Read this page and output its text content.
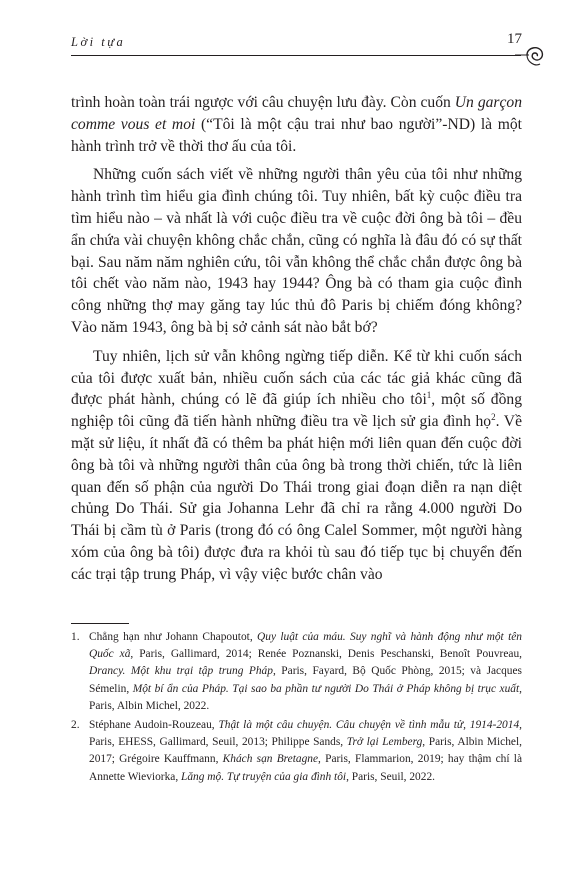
Lời tựa	17

trình hoàn toàn trái ngược với câu chuyện lưu đày. Còn cuốn Un garçon comme vous et moi (“Tôi là một cậu trai như bao người”-ND) là một hành trình trở về thời thơ ấu của tôi.

Những cuốn sách viết về những người thân yêu của tôi như những hành trình tìm hiểu gia đình chúng tôi. Tuy nhiên, bất kỳ cuộc điều tra tìm hiểu nào – và nhất là với cuộc điều tra về cuộc đời ông bà tôi – đều ẩn chứa vài chuyện không chắc chắn, cũng có nghĩa là đâu đó có sự thất bại. Sau năm năm nghiên cứu, tôi vẫn không thể chắc chắn được ông bà tôi chết vào năm nào, 1943 hay 1944? Ông bà có tham gia cuộc đình công những thợ may găng tay lúc thủ đô Paris bị chiếm đóng không? Vào năm 1943, ông bà bị sở cảnh sát nào bắt bớ?

Tuy nhiên, lịch sử vẫn không ngừng tiếp diễn. Kể từ khi cuốn sách của tôi được xuất bản, nhiều cuốn sách của các tác giả khác cũng đã được phát hành, chúng có lẽ đã giúp ích nhiều cho tôi$^1$, một số đồng nghiệp tôi cũng đã tiến hành những điều tra về lịch sử gia đình họ$^2$. Về mặt sử liệu, ít nhất đã có thêm ba phát hiện mới liên quan đến cuộc đời ông bà tôi và những người thân của ông bà trong thời chiến, tức là liên quan đến số phận của người Do Thái trong giai đoạn diễn ra nạn diệt chủng Do Thái. Sử gia Johanna Lehr đã chỉ ra rằng 4.000 người Do Thái bị cầm tù ở Paris (trong đó có ông Calel Sommer, một người hàng xóm của ông bà tôi) được đưa ra khỏi tù sau đó tiếp tục bị chuyển đến các trại tập trung Pháp, vì vậy việc bước chân vào

1. Chẳng hạn như Johann Chapoutot, Quy luật của máu. Suy nghĩ và hành động như một tên Quốc xã, Paris, Gallimard, 2014; Renée Poznanski, Denis Peschanski, Benoît Pouvreau, Drancy. Một khu trại tập trung Pháp, Paris, Fayard, Bộ Quốc Phòng, 2015; và Jacques Sémelin, Một bí ẩn của Pháp. Tại sao ba phần tư người Do Thái ở Pháp không bị trục xuất, Paris, Albin Michel, 2022.
2. Stéphane Audoin-Rouzeau, Thật là một câu chuyện. Câu chuyện về tình mẫu tử, 1914-2014, Paris, EHESS, Gallimard, Seuil, 2013; Philippe Sands, Trở lại Lemberg, Paris, Albin Michel, 2017; Grégoire Kauffmann, Khách sạn Bretagne, Paris, Flammarion, 2019; hay thậm chí là Annette Wieviorka, Lăng mộ. Tự truyện của gia đình tôi, Paris, Seuil, 2022.
